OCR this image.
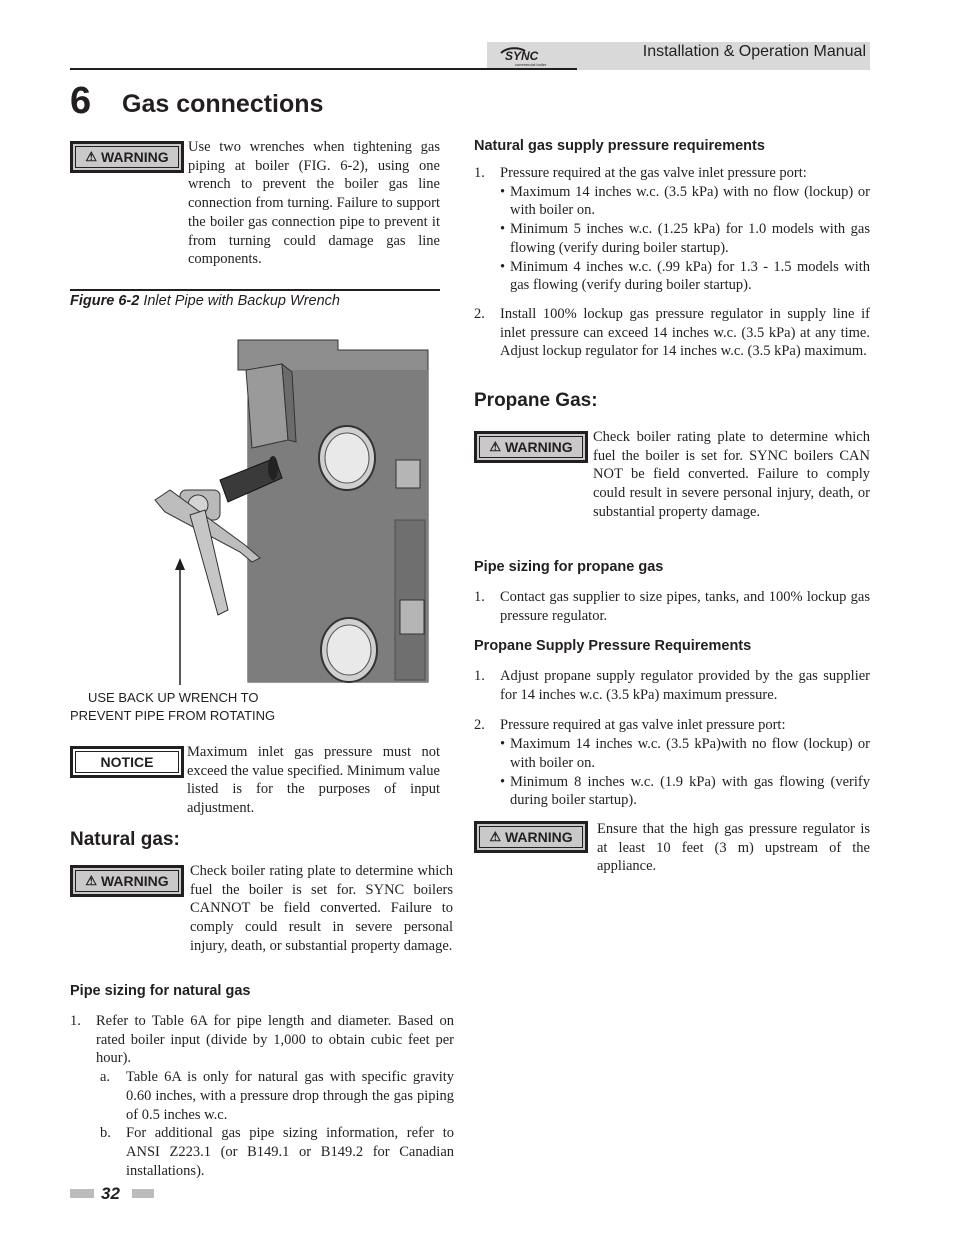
SYNC
commercial boiler
Installation & Operation Manual
6 Gas connections
⚠ WARNING
Use two wrenches when tightening gas piping at boiler (FIG. 6-2), using one wrench to prevent the boiler gas line connection from turning. Failure to support the boiler gas connection pipe to prevent it from turning could damage gas line components.
Figure 6-2 Inlet Pipe with Backup Wrench
USE BACK UP WRENCH TO
PREVENT PIPE FROM ROTATING
NOTICE
Maximum inlet gas pressure must not exceed the value specified. Minimum value listed is for the purposes of input adjustment.
Natural gas:
⚠ WARNING
Check boiler rating plate to determine which fuel the boiler is set for. SYNC boilers CANNOT be field converted. Failure to comply could result in severe personal injury, death, or substantial property damage.
Pipe sizing for natural gas
1. Refer to Table 6A for pipe length and diameter. Based on rated boiler input (divide by 1,000 to obtain cubic feet per hour).
a. Table 6A is only for natural gas with specific gravity 0.60 inches, with a pressure drop through the gas piping of 0.5 inches w.c.
b. For additional gas pipe sizing information, refer to ANSI Z223.1 (or B149.1 or B149.2 for Canadian installations).
Natural gas supply pressure requirements
1. Pressure required at the gas valve inlet pressure port:
• Maximum 14 inches w.c. (3.5 kPa) with no flow (lockup) or with boiler on.
• Minimum 5 inches w.c. (1.25 kPa) for 1.0 models with gas flowing (verify during boiler startup).
• Minimum 4 inches w.c. (.99 kPa) for 1.3 - 1.5 models with gas flowing (verify during boiler startup).
2. Install 100% lockup gas pressure regulator in supply line if inlet pressure can exceed 14 inches w.c. (3.5 kPa) at any time. Adjust lockup regulator for 14 inches w.c. (3.5 kPa) maximum.
Propane Gas:
⚠ WARNING
Check boiler rating plate to determine which fuel the boiler is set for. SYNC boilers CAN NOT be field converted. Failure to comply could result in severe personal injury, death, or substantial property damage.
Pipe sizing for propane gas
1. Contact gas supplier to size pipes, tanks, and 100% lockup gas pressure regulator.
Propane Supply Pressure Requirements
1. Adjust propane supply regulator provided by the gas supplier for 14 inches w.c. (3.5 kPa) maximum pressure.
2. Pressure required at gas valve inlet pressure port:
• Maximum 14 inches w.c. (3.5 kPa)with no flow (lockup) or with boiler on.
• Minimum 8 inches w.c. (1.9 kPa) with gas flowing (verify during boiler startup).
⚠ WARNING Ensure that the high gas pressure regulator is at least 10 feet (3 m) upstream of the appliance.
32
